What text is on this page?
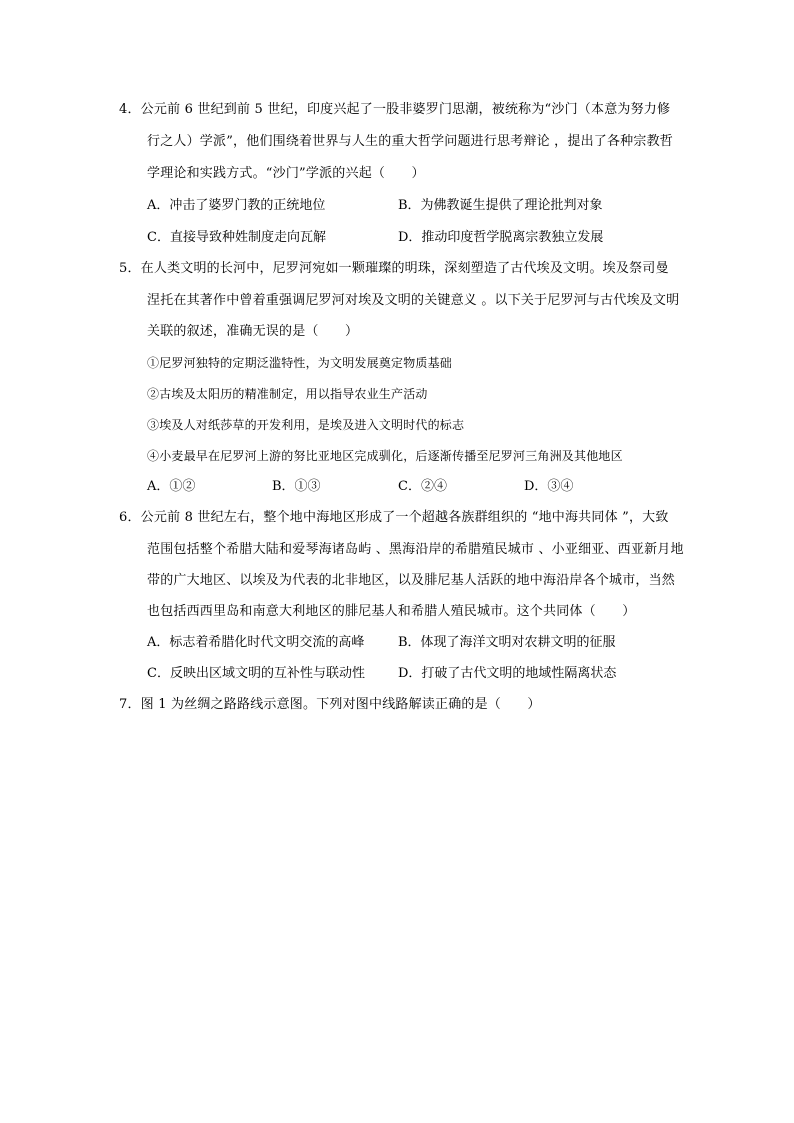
4．公元前 6 世纪到前 5 世纪，印度兴起了一股非婆罗门思潮，被统称为“沙门（本意为努力修
行之人）学派”，他们围绕着世界与人生的重大哲学问题进行思考辩论 ，提出了各种宗教哲
学理论和实践方式。“沙门”学派的兴起（　　）
A．冲击了婆罗门教的正统地位	B．为佛教诞生提供了理论批判对象
C．直接导致种姓制度走向瓦解	D．推动印度哲学脱离宗教独立发展
5．在人类文明的长河中，尼罗河宛如一颗璀璨的明珠，深刻塑造了古代埃及文明。埃及祭司曼
涅托在其著作中曾着重强调尼罗河对埃及文明的关键意义 。以下关于尼罗河与古代埃及文明
关联的叙述，准确无误的是（　　）
①尼罗河独特的定期泛滥特性，为文明发展奠定物质基础
②古埃及太阳历的精准制定，用以指导农业生产活动
③埃及人对纸莎草的开发利用，是埃及进入文明时代的标志
④小麦最早在尼罗河上游的努比亚地区完成驯化，后逐渐传播至尼罗河三角洲及其他地区
A．①②	B．①③	C．②④	D．③④
6．公元前 8 世纪左右，整个地中海地区形成了一个超越各族群组织的 “地中海共同体 ”，大致
范围包括整个希腊大陆和爱琴海诸岛屿 、黑海沿岸的希腊殖民城市 、小亚细亚、西亚新月地
带的广大地区、以埃及为代表的北非地区，以及腓尼基人活跃的地中海沿岸各个城市，当然
也包括西西里岛和南意大利地区的腓尼基人和希腊人殖民城市。这个共同体（　　）
A．标志着希腊化时代文明交流的高峰	B．体现了海洋文明对农耕文明的征服
C．反映出区域文明的互补性与联动性	D．打破了古代文明的地域性隔离状态
7．图 1 为丝绸之路路线示意图。下列对图中线路解读正确的是（　　）
